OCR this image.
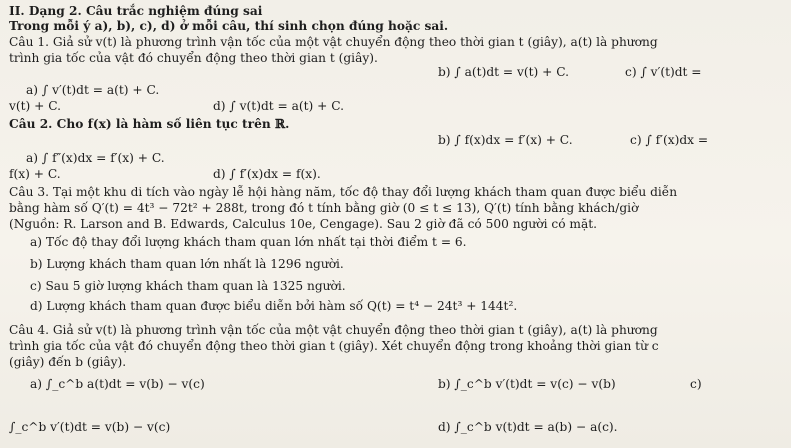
II. Dạng 2. Câu trắc nghiệm đúng sai
Trong mỗi ý a), b), c), d) ở mỗi câu, thí sinh chọn đúng hoặc sai.
Câu 1. Giả sử v(t) là phương trình vận tốc của một vật chuyển động theo thời gian t (giây), a(t) là phương
trình gia tốc của vật đó chuyển động theo thời gian t (giây).
b) ∫ a(t)dt = v(t) + C.	c) ∫ v′(t)dt =
a) ∫ v′(t)dt = a(t) + C.
v(t) + C.	d) ∫ v(t)dt = a(t) + C.
Câu 2. Cho f(x) là hàm số liên tục trên ℝ.
b) ∫ f(x)dx = f′(x) + C.	c) ∫ f′(x)dx =
a) ∫ f″(x)dx = f′(x) + C.
f(x) + C.	d) ∫ f′(x)dx = f(x).
Câu 3. Tại một khu di tích vào ngày lễ hội hàng năm, tốc độ thay đổi lượng khách tham quan được biểu diễn
bằng hàm số Q′(t) = 4t³ − 72t² + 288t, trong đó t tính bằng giờ (0 ≤ t ≤ 13), Q′(t) tính bằng khách/giờ
(Nguồn: R. Larson and B. Edwards, Calculus 10e, Cengage). Sau 2 giờ đã có 500 người có mặt.
a) Tốc độ thay đổi lượng khách tham quan lớn nhất tại thời điểm t = 6.
b) Lượng khách tham quan lớn nhất là 1296 người.
c) Sau 5 giờ lượng khách tham quan là 1325 người.
d) Lượng khách tham quan được biểu diễn bởi hàm số Q(t) = t⁴ − 24t³ + 144t².
Câu 4. Giả sử v(t) là phương trình vận tốc của một vật chuyển động theo thời gian t (giây), a(t) là phương
trình gia tốc của vật đó chuyển động theo thời gian t (giây). Xét chuyển động trong khoảng thời gian từ c
(giây) đến b (giây).
a) ∫_c^b a(t)dt = v(b) − v(c)	b) ∫_c^b v′(t)dt = v(c) − v(b)	c)
∫_c^b v′(t)dt = v(b) − v(c)	d) ∫_c^b v(t)dt = a(b) − a(c).
